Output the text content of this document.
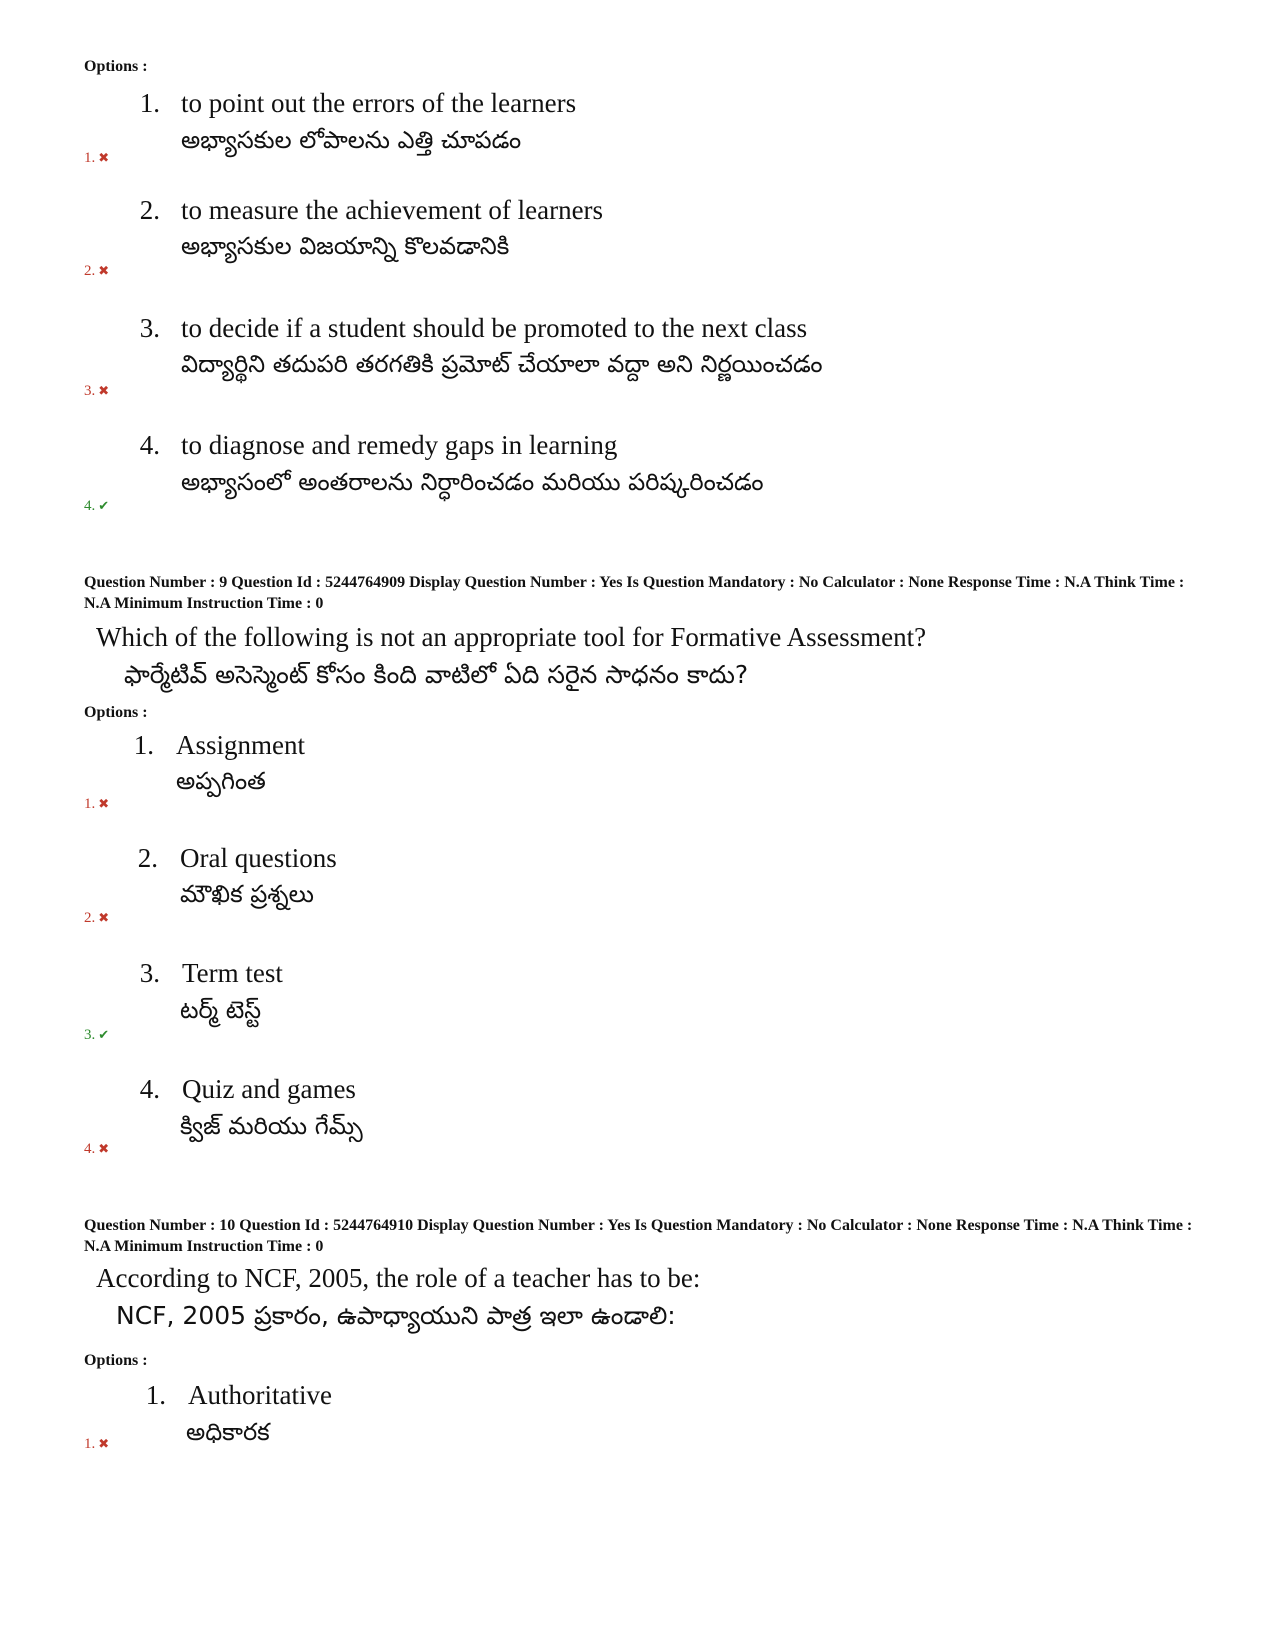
Options :
1. to point out the errors of the learners
అభ్యాసకుల లోపాలను ఎత్తి చూపడం
1. ✖
2. to measure the achievement of learners
అభ్యాసకుల విజయాన్ని కొలవడానికి
2. ✖
3. to decide if a student should be promoted to the next class
విద్యార్థిని తదుపరి తరగతికి ప్రమోట్ చేయాలా వద్దా అని నిర్ణయించడం
3. ✖
4. to diagnose and remedy gaps in learning
అభ్యాసంలో అంతరాలను నిర్ధారించడం మరియు పరిష్కరించడం
4. ✔
Question Number : 9 Question Id : 5244764909 Display Question Number : Yes Is Question Mandatory : No Calculator : None Response Time : N.A Think Time : N.A Minimum Instruction Time : 0
Which of the following is not an appropriate tool for Formative Assessment?
ఫార్మేటివ్ అసెస్మెంట్ కోసం కింది వాటిలో ఏది సరైన సాధనం కాదు?
Options :
1. Assignment
అప్పగింత
1. ✖
2. Oral questions
మౌఖిక ప్రశ్నలు
2. ✖
3. Term test
టర్మ్ టెస్ట్
3. ✔
4. Quiz and games
క్విజ్ మరియు గేమ్స్
4. ✖
Question Number : 10 Question Id : 5244764910 Display Question Number : Yes Is Question Mandatory : No Calculator : None Response Time : N.A Think Time : N.A Minimum Instruction Time : 0
According to NCF, 2005, the role of a teacher has to be:
NCF, 2005 ప్రకారం, ఉపాధ్యాయుని పాత్ర ఇలా ఉండాలి:
Options :
1. Authoritative
అధికారక
1. ✖
